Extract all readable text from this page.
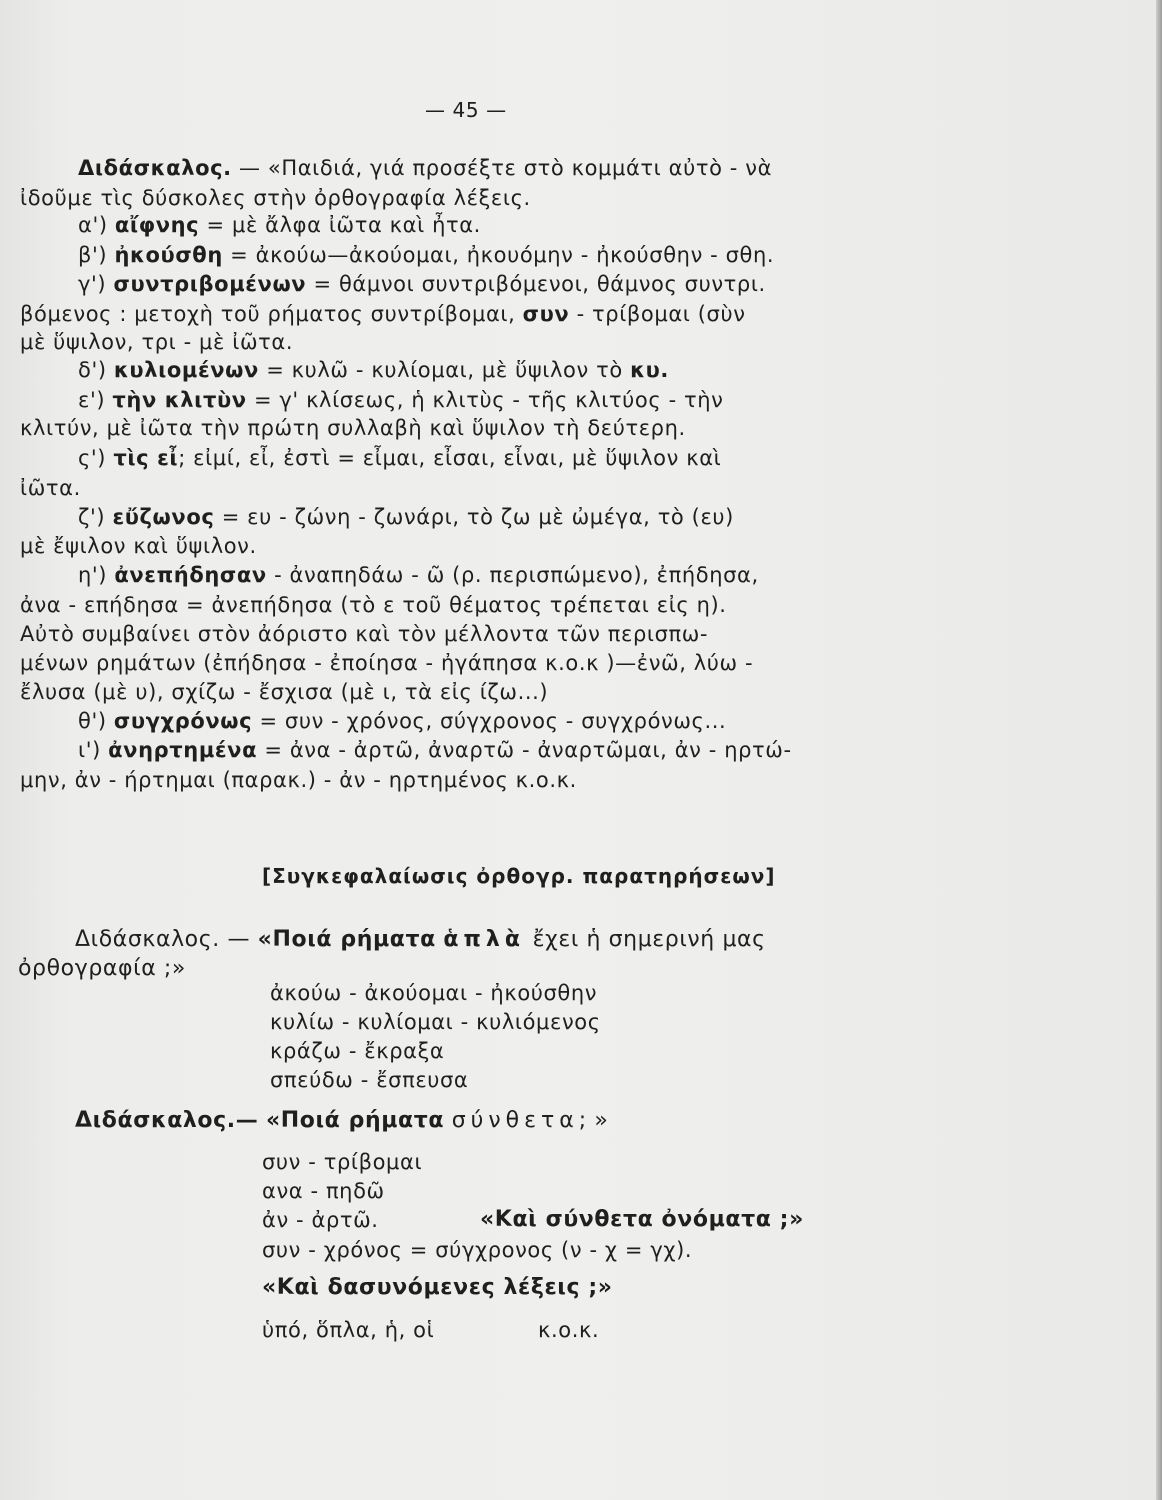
— 45 —
Διδάσκαλος. — «Παιδιά, γιά προσέξτε στὸ κομμάτι αὐτὸ - νὰ
ἰδοῦμε τὶς δύσκολες στὴν ὀρθογραφία λέξεις.
α') αἴφνης = μὲ ἄλφα ἰῶτα καὶ ἦτα.
β') ἠκούσθη = ἀκούω—ἀκούομαι, ἠκουόμην - ἠκούσθην - σθη.
γ') συντριβομένων = θάμνοι συντριβόμενοι, θάμνος συντρι.
βόμενος : μετοχὴ τοῦ ρήματος συντρίβομαι, συν - τρίβομαι (σὺν
μὲ ὕψιλον, τρι - μὲ ἰῶτα.
δ') κυλιομένων = κυλῶ - κυλίομαι, μὲ ὕψιλον τὸ κυ.
ε') τὴν κλιτὺν = γ' κλίσεως, ἡ κλιτὺς - τῆς κλιτύος - τὴν
κλιτύν, μὲ ἰῶτα τὴν πρώτη συλλαβὴ καὶ ὕψιλον τὴ δεύτερη.
ς') τὶς εἶ; εἰμί, εἶ, ἐστὶ = εἶμαι, εἶσαι, εἶναι, μὲ ὕψιλον καὶ
ἰῶτα.
ζ') εὔζωνος = ευ - ζώνη - ζωνάρι, τὸ ζω μὲ ὠμέγα, τὸ (ευ)
μὲ ἔψιλον καὶ ὕψιλον.
η') ἀνεπήδησαν - ἀναπηδάω - ῶ (ρ. περισπώμενο), ἐπήδησα,
ἀνα - επήδησα = ἀνεπήδησα (τὸ ε τοῦ θέματος τρέπεται εἰς η).
Αὐτὸ συμβαίνει στὸν ἀόριστο καὶ τὸν μέλλοντα τῶν περισπω-
μένων ρημάτων (ἐπήδησα - ἐποίησα - ἠγάπησα κ.ο.κ )—ἐνῶ, λύω -
ἔλυσα (μὲ υ), σχίζω - ἔσχισα (μὲ ι, τὰ εἰς ίζω...)
θ') συγχρόνως = συν - χρόνος, σύγχρονος - συγχρόνως...
ι') ἀνηρτημένα = ἀνα - ἀρτῶ, ἀναρτῶ - ἀναρτῶμαι, ἀν - ηρτώ-
μην, ἀν - ήρτημαι (παρακ.) - ἀν - ηρτημένος κ.ο.κ.
[Συγκεφαλαίωσις ὀρθογρ. παρατηρήσεων]
Διδάσκαλος. — «Ποιά ρήματα ἁπλὰ ἔχει ἡ σημερινή μας
ὀρθογραφία ;»
ἀκούω - ἀκούομαι - ἠκούσθην
κυλίω - κυλίομαι - κυλιόμενος
κράζω - ἔκραξα
σπεύδω - ἔσπευσα
Διδάσκαλος.— «Ποιά ρήματα σύνθετα; »
συν - τρίβομαι
ανα - πηδῶ
ἀν - ἀρτῶ.	«Καὶ σύνθετα ὀνόματα ;»
συν - χρόνος = σύγχρονος (ν - χ = γχ).
«Καὶ δασυνόμενες λέξεις ;»
ὑπό, ὅπλα, ἡ, οἱ	κ.ο.κ.
